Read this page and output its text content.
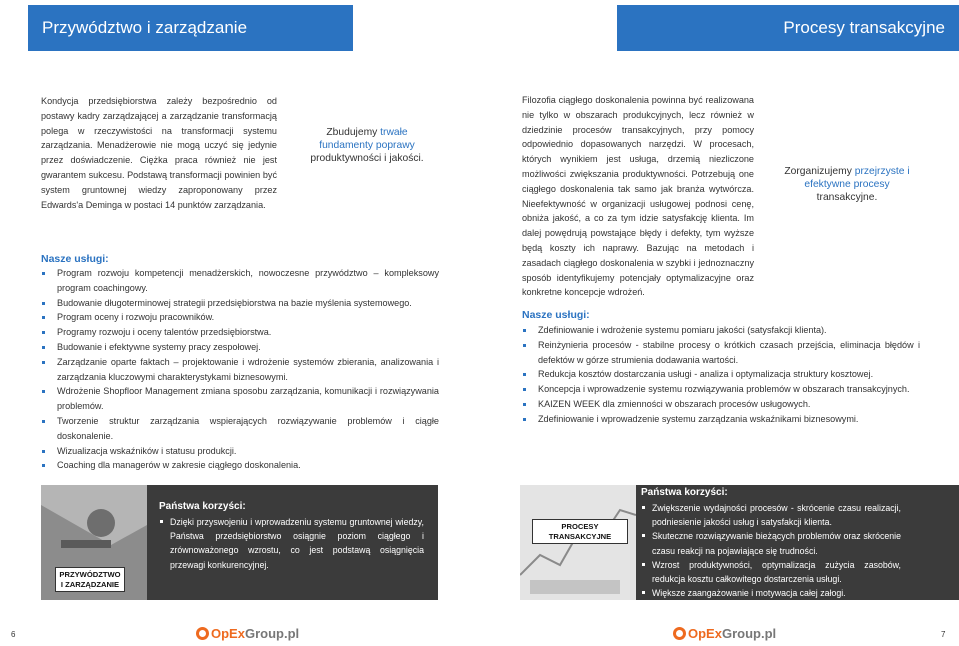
Przywództwo i zarządzanie	Procesy transakcyjne

Kondycja przedsiębiorstwa zależy bezpośrednio od postawy kadry zarządzającej a zarządzanie transformacją polega w rzeczywistości na transformacji systemu zarządzania. Menadżerowie nie mogą uczyć się jedynie przez doświadczenie. Ciężka praca również nie jest gwarantem sukcesu. Podstawą transformacji powinien być system gruntownej wiedzy zaproponowany przez Edwards'a Deminga w postaci 14 punktów zarządzania.

Zbudujemy trwałe fundamenty poprawy produktywności i jakości.
Nasze usługi:
Program rozwoju kompetencji menadżerskich, nowoczesne przywództwo – kompleksowy program coachingowy.
Budowanie długoterminowej strategii przedsiębiorstwa na bazie myślenia systemowego.
Program oceny i rozwoju pracowników.
Programy rozwoju i oceny talentów przedsiębiorstwa.
Budowanie i efektywne systemy pracy zespołowej.
Zarządzanie oparte faktach – projektowanie i wdrożenie systemów zbierania, analizowania i zarządzania kluczowymi charakterystykami biznesowymi.
Wdrożenie Shopfloor Management zmiana sposobu zarządzania, komunikacji i rozwiązywania problemów.
Tworzenie struktur zarządzania wspierających rozwiązywanie problemów i ciągłe doskonalenie.
Wizualizacja wskaźników i statusu produkcji.
Coaching dla managerów w zakresie ciągłego doskonalenia.
PRZYWÓDZTWO I ZARZĄDZANIE
Państwa korzyści:
Dzięki przyswojeniu i wprowadzeniu systemu gruntownej wiedzy, Państwa przedsiębiorstwo osiągnie poziom ciągłego i zrównoważonego wzrostu, co jest podstawą osiągnięcia przewagi konkurencyjnej.
6	OpEx Group.pl

Filozofia ciągłego doskonalenia powinna być realizowana nie tylko w obszarach produkcyjnych, lecz również w dziedzinie procesów transakcyjnych, przy pomocy odpowiednio dopasowanych narzędzi. W procesach, których wynikiem jest usługa, drzemią niezliczone możliwości zwiększania produktywności. Potrzebują one ciągłego doskonalenia tak samo jak branża wytwórcza. Nieefektywność w organizacji usługowej podnosi cenę, obniża jakość, a co za tym idzie satysfakcję klienta. Im dalej powędrują powstające błędy i defekty, tym wyższe będą koszty ich naprawy. Bazując na metodach i zasadach ciągłego doskonalenia w szybki i jednoznaczny sposób identyfikujemy potencjały optymalizacyjne oraz konkretne koncepcje wdrożeń.

Zorganizujemy przejrzyste i efektywne procesy transakcyjne.
Nasze usługi:
Zdefiniowanie i wdrożenie systemu pomiaru jakości (satysfakcji klienta).
Reinżynieria procesów - stabilne procesy o krótkich czasach przejścia, eliminacja błędów i defektów w górze strumienia dodawania wartości.
Redukcja kosztów dostarczania usługi - analiza i optymalizacja struktury kosztowej.
Koncepcja i wprowadzenie systemu rozwiązywania problemów w obszarach transakcyjnych.
KAIZEN WEEK dla zmienności w obszarach procesów usługowych.
Zdefiniowanie i wprowadzenie systemu zarządzania wskaźnikami biznesowymi.
PROCESY TRANSAKCYJNE
Państwa korzyści:
Zwiększenie wydajności procesów - skrócenie czasu realizacji, podniesienie jakości usług i satysfakcji klienta.
Skuteczne rozwiązywanie bieżących problemów oraz skrócenie czasu reakcji na pojawiające się trudności.
Wzrost produktywności, optymalizacja zużycia zasobów, redukcja kosztu całkowitego dostarczenia usługi.
Większe zaangażowanie i motywacja całej załogi.
7
OpEx Group.pl
